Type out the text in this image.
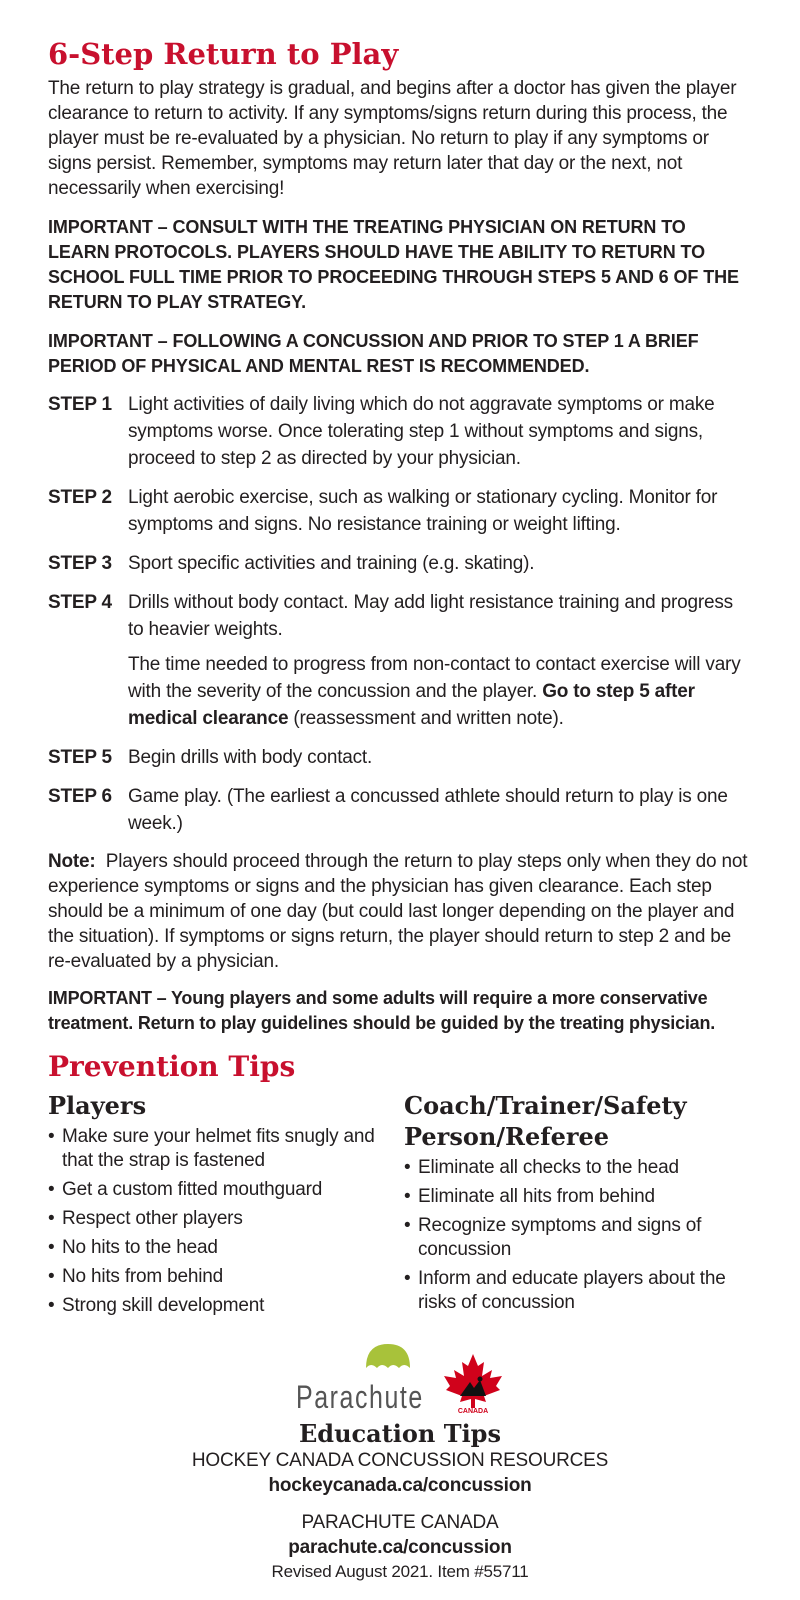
6-Step Return to Play

The return to play strategy is gradual, and begins after a doctor has given the player clearance to return to activity. If any symptoms/signs return during this process, the player must be re-evaluated by a physician. No return to play if any symptoms or signs persist. Remember, symptoms may return later that day or the next, not necessarily when exercising!

IMPORTANT – CONSULT WITH THE TREATING PHYSICIAN ON RETURN TO LEARN PROTOCOLS. PLAYERS SHOULD HAVE THE ABILITY TO RETURN TO SCHOOL FULL TIME PRIOR TO PROCEEDING THROUGH STEPS 5 AND 6 OF THE RETURN TO PLAY STRATEGY.

IMPORTANT – FOLLOWING A CONCUSSION AND PRIOR TO STEP 1 A BRIEF PERIOD OF PHYSICAL AND MENTAL REST IS RECOMMENDED.

STEP 1 Light activities of daily living which do not aggravate symptoms or make symptoms worse. Once tolerating step 1 without symptoms and signs, proceed to step 2 as directed by your physician.
STEP 2 Light aerobic exercise, such as walking or stationary cycling. Monitor for symptoms and signs. No resistance training or weight lifting.
STEP 3 Sport specific activities and training (e.g. skating).
STEP 4 Drills without body contact. May add light resistance training and progress to heavier weights.
The time needed to progress from non-contact to contact exercise will vary with the severity of the concussion and the player. Go to step 5 after medical clearance (reassessment and written note).
STEP 5 Begin drills with body contact.
STEP 6 Game play. (The earliest a concussed athlete should return to play is one week.)

Note: Players should proceed through the return to play steps only when they do not experience symptoms or signs and the physician has given clearance. Each step should be a minimum of one day (but could last longer depending on the player and the situation). If symptoms or signs return, the player should return to step 2 and be re-evaluated by a physician.

IMPORTANT – Young players and some adults will require a more conservative treatment. Return to play guidelines should be guided by the treating physician.

Prevention Tips
Players
• Make sure your helmet fits snugly and that the strap is fastened
• Get a custom fitted mouthguard
• Respect other players
• No hits to the head
• No hits from behind
• Strong skill development
Coach/Trainer/Safety Person/Referee
• Eliminate all checks to the head
• Eliminate all hits from behind
• Recognize symptoms and signs of concussion
• Inform and educate players about the risks of concussion
Parachute	CANADA
Education Tips
HOCKEY CANADA CONCUSSION RESOURCES
hockeycanada.ca/concussion
PARACHUTE CANADA
parachute.ca/concussion
Revised August 2021. Item #55711
